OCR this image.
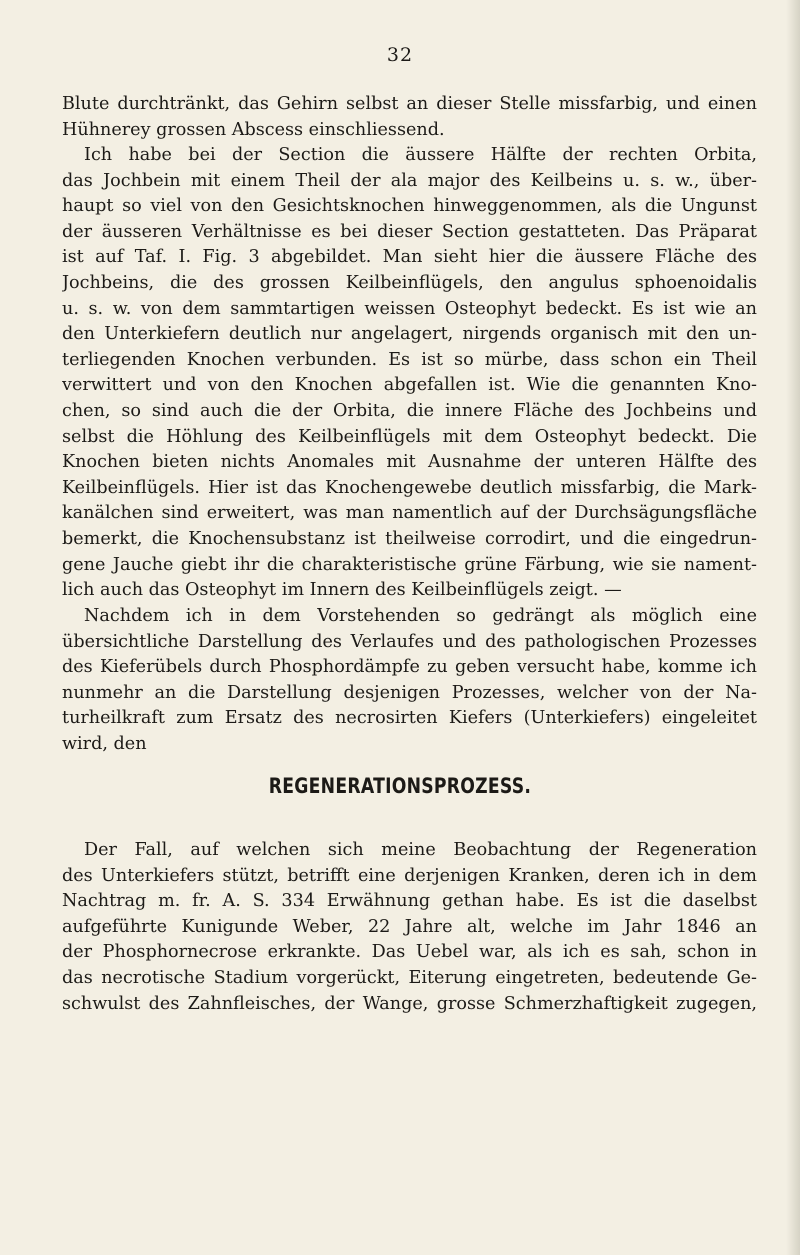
32
Blute durchtränkt, das Gehirn selbst an dieser Stelle missfarbig, und einen
Hühnerey grossen Abscess einschliessend.
Ich habe bei der Section die äussere Hälfte der rechten Orbita,
das Jochbein mit einem Theil der ala major des Keilbeins u. s. w., über-
haupt so viel von den Gesichtsknochen hinweggenommen, als die Ungunst
der äusseren Verhältnisse es bei dieser Section gestatteten. Das Präparat
ist auf Taf. I. Fig. 3 abgebildet. Man sieht hier die äussere Fläche des
Jochbeins, die des grossen Keilbeinflügels, den angulus sphoenoidalis
u. s. w. von dem sammtartigen weissen Osteophyt bedeckt. Es ist wie an
den Unterkiefern deutlich nur angelagert, nirgends organisch mit den un-
terliegenden Knochen verbunden. Es ist so mürbe, dass schon ein Theil
verwittert und von den Knochen abgefallen ist. Wie die genannten Kno-
chen, so sind auch die der Orbita, die innere Fläche des Jochbeins und
selbst die Höhlung des Keilbeinflügels mit dem Osteophyt bedeckt. Die
Knochen bieten nichts Anomales mit Ausnahme der unteren Hälfte des
Keilbeinflügels. Hier ist das Knochengewebe deutlich missfarbig, die Mark-
kanälchen sind erweitert, was man namentlich auf der Durchsägungsfläche
bemerkt, die Knochensubstanz ist theilweise corrodirt, und die eingedrun-
gene Jauche giebt ihr die charakteristische grüne Färbung, wie sie nament-
lich auch das Osteophyt im Innern des Keilbeinflügels zeigt. —
Nachdem ich in dem Vorstehenden so gedrängt als möglich eine
übersichtliche Darstellung des Verlaufes und des pathologischen Prozesses
des Kieferübels durch Phosphordämpfe zu geben versucht habe, komme ich
nunmehr an die Darstellung desjenigen Prozesses, welcher von der Na-
turheilkraft zum Ersatz des necrosirten Kiefers (Unterkiefers) eingeleitet
wird, den
REGENERATIONSPROZESS.
Der Fall, auf welchen sich meine Beobachtung der Regeneration
des Unterkiefers stützt, betrifft eine derjenigen Kranken, deren ich in dem
Nachtrag m. fr. A. S. 334 Erwähnung gethan habe. Es ist die daselbst
aufgeführte Kunigunde Weber, 22 Jahre alt, welche im Jahr 1846 an
der Phosphornecrose erkrankte. Das Uebel war, als ich es sah, schon in
das necrotische Stadium vorgerückt, Eiterung eingetreten, bedeutende Ge-
schwulst des Zahnfleisches, der Wange, grosse Schmerzhaftigkeit zugegen,
